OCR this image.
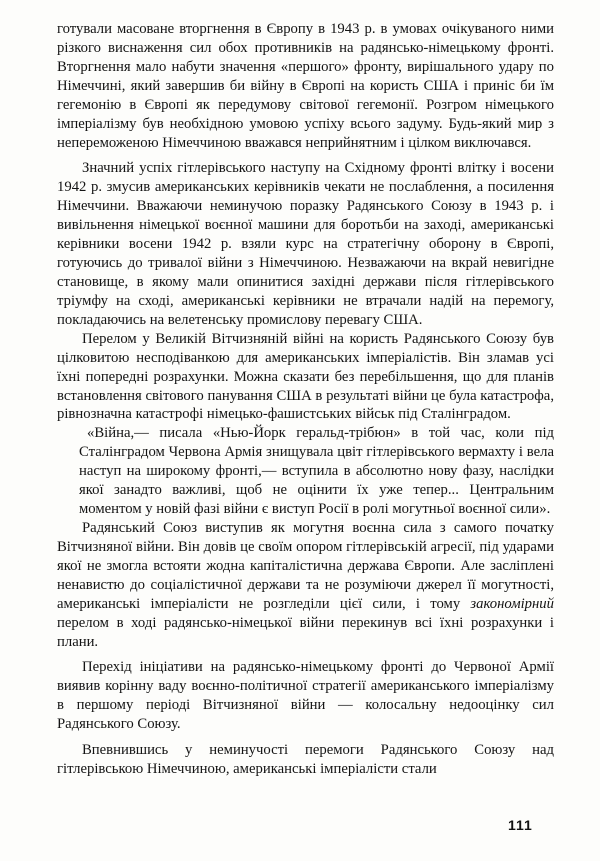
готували масоване вторгнення в Європу в 1943 р. в умовах очікуваного ними різкого виснаження сил обох противників на радянсько-німецькому фронті. Вторгнення мало набути значення «першого» фронту, вирішального удару по Німеччині, який завершив би війну в Європі на користь США і приніс би їм гегемонію в Європі як передумову світової гегемонії. Розгром німецького імперіалізму був необхідною умовою успіху всього задуму. Будь-який мир з непереможеною Німеччиною вважався неприйнятним і цілком виключався.

Значний успіх гітлерівського наступу на Східному фронті влітку і восени 1942 р. змусив американських керівників чекати не послаблення, а посилення Німеччини. Вважаючи неминучою поразку Радянського Союзу в 1943 р. і вивільнення німецької воєнної машини для боротьби на заході, американські керівники восени 1942 р. взяли курс на стратегічну оборону в Європі, готуючись до тривалої війни з Німеччиною. Незважаючи на вкрай невигідне становище, в якому мали опинитися західні держави після гітлерівського тріумфу на сході, американські керівники не втрачали надій на перемогу, покладаючись на велетенську промислову перевагу США.

Перелом у Великій Вітчизняній війні на користь Радянського Союзу був цілковитою несподіванкою для американських імперіалістів. Він зламав усі їхні попередні розрахунки. Можна сказати без перебільшення, що для планів встановлення світового панування США в результаті війни це була катастрофа, рівнозначна катастрофі німецько-фашистських військ під Сталінградом.

«Війна,— писала «Нью-Йорк геральд-трібюн» в той час, коли під Сталінградом Червона Армія знищувала цвіт гітлерівського вермахту і вела наступ на широкому фронті,— вступила в абсолютно нову фазу, наслідки якої занадто важливі, щоб не оцінити їх уже тепер... Центральним моментом у новій фазі війни є виступ Росії в ролі могутньої воєнної сили».

Радянський Союз виступив як могутня воєнна сила з самого початку Вітчизняної війни. Він довів це своїм опором гітлерівській агресії, під ударами якої не змогла встояти жодна капіталістична держава Європи. Але засліплені ненавистю до соціалістичної держави та не розуміючи джерел її могутності, американські імперіалісти не розгледіли цієї сили, і тому закономірний перелом в ході радянсько-німецької війни перекинув всі їхні розрахунки і плани.

Перехід ініціативи на радянсько-німецькому фронті до Червоної Армії виявив корінну ваду воєнно-політичної стратегії американського імперіалізму в першому періоді Вітчизняної війни — колосальну недооцінку сил Радянського Союзу.

Впевнившись у неминучості перемоги Радянського Союзу над гітлерівською Німеччиною, американські імперіалісти стали

111
